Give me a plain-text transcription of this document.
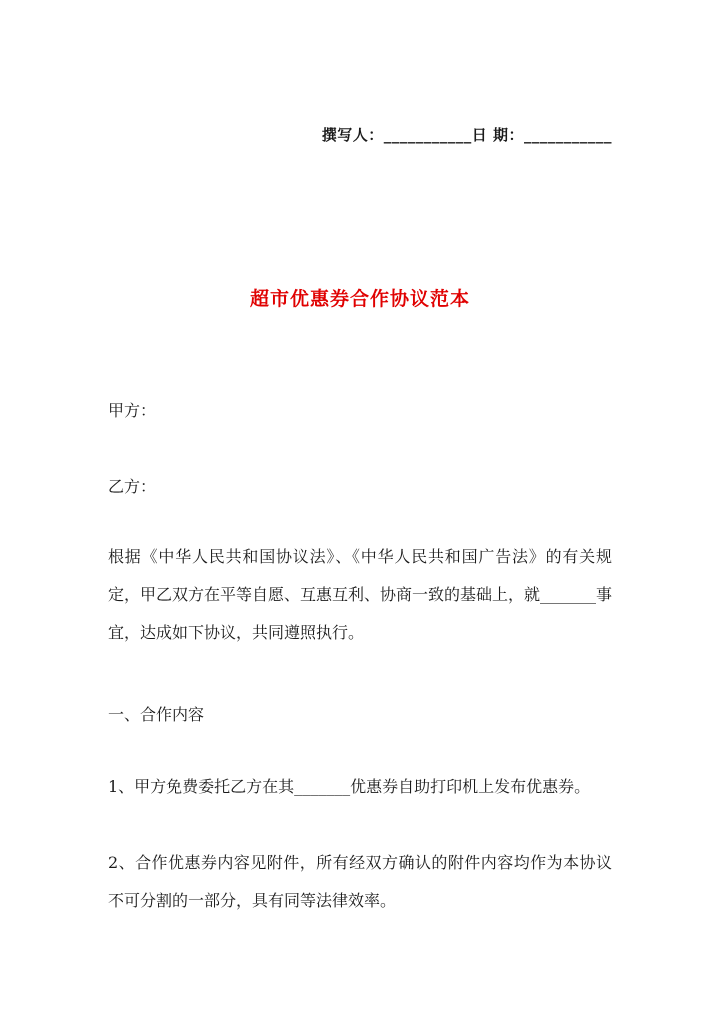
撰写人：___________日 期：___________
超市优惠券合作协议范本

甲方：

乙方：

根据《中华人民共和国协议法》、《中华人民共和国广告法》的有关规定，甲乙双方在平等自愿、互惠互利、协商一致的基础上，就_______事宜，达成如下协议，共同遵照执行。

一、合作内容

1、甲方免费委托乙方在其_______优惠券自助打印机上发布优惠券。

2、合作优惠券内容见附件，所有经双方确认的附件内容均作为本协议不可分割的一部分，具有同等法律效率。
